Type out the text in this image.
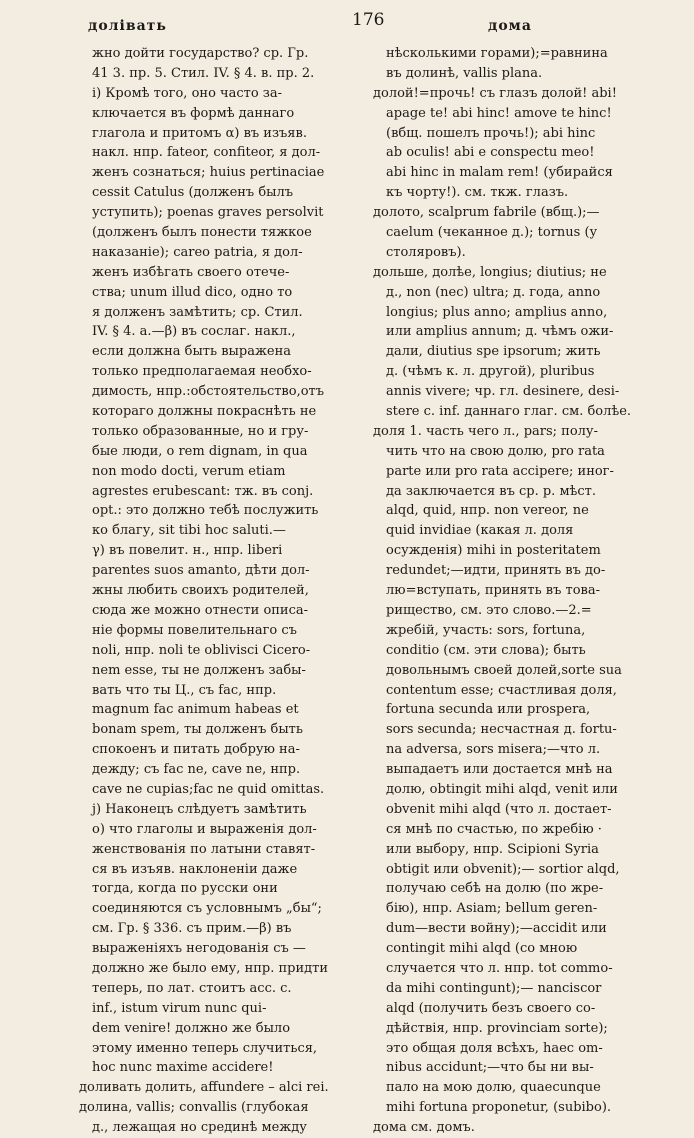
долівать	176	дома
жно дойти государство? ср. Гр.
41 3. пр. 5. Стил. IV. § 4. в. пр. 2.
i) Кромѣ того, оно часто за-
ключается въ формѣ даннаго
глагола и притомъ α) въ изъяв.
накл. нпр. fateor, confiteor, я дол-
женъ сознаться; huius pertinaciae
cessit Catulus (долженъ былъ
уступить); poenas graves persolvit
(долженъ былъ понести тяжкое
наказаніе); careo patria, я дол-
женъ избѣгать своего отече-
ства; unum illud dico, одно то
я долженъ замѣтить; ср. Стил.
IV. § 4. а.—β) въ сослаг. накл.,
если должна быть выражена
только предполагаемая необхо-
димость, нпр.:обстоятельство,отъ
котораго должны покраснѣть не
только образованные, но и гру-
бые люди, o rem dignam, in qua
non modo docti, verum etiam
agrestes erubescant: тж. въ conj.
opt.: это должно тебѣ послужить
ко благу, sit tibi hoc saluti.—
γ) въ повелит. н., нпр. liberi
parentes suos amanto, дѣти дол-
жны любить своихъ родителей,
сюда же можно отнести описа-
ніе формы повелительнаго съ
noli, нпр. noli te oblivisci Cicero-
nem esse, ты не долженъ забы-
вать что ты Ц., съ fac, нпр.
magnum fac animum habeas et
bonam spem, ты долженъ быть
спокоенъ и питать добрую на-
дежду; съ fac ne, cave ne, нпр.
cave ne cupias;fac ne quid omittas.
j) Наконецъ слѣдуетъ замѣтить
о) что глаголы и выраженія дол-
женствованія по латыни ставят-
ся въ изъяв. наклоненіи даже
тогда, когда по русски они
соединяются съ условнымъ „бы“;
см. Гр. § 336. съ прим.—β) въ
выраженіяхъ негодованія съ —
должно же было ему, нпр. придти
теперь, по лат. стоитъ acc. c.
inf., istum virum nunc qui-
dem venire! должно же было
этому именно теперь случиться,
hoc nunc maxime accidere!
доливать долить, affundere – alci rei.
долина, vallis; convallis (глубокая
д., лежащая но срединѣ между
нѣсколькими горами);=равнина
въ долинѣ, vallis plana.
долой!=прочь! съ глазъ долой! abi!
apage te! abi hinc! amove te hinc!
(вбщ. пошелъ прочь!); abi hinc
ab oculis! abi e conspectu meo!
abi hinc in malam rem! (убирайся
къ чорту!). см. ткж. глазъ.
долото, scalprum fabrile (вбщ.);—
caelum (чеканное д.); tornus (у
столяровъ).
дольше, долѣе, longius; diutius; не
д., non (nec) ultra; д. года, anno
longius; plus anno; amplius anno,
или amplius annum; д. чѣмъ ожи-
дали, diutius spe ipsorum; жить
д. (чѣмъ к. л. другой), pluribus
annis vivere; чр. гл. desinere, desi-
stere c. inf. даннаго глаг. см. болѣе.
доля 1. часть чего л., pars; полу-
чить что на свою долю, pro rata
parte или pro rata accipere; иног-
да заключается въ ср. р. мѣст.
alqd, quid, нпр. non vereor, ne
quid invidiae (какая л. доля
осужденія) mihi in posteritatem
redundet;—идти, принять въ до-
лю=вступать, принять въ това-
рищество, см. это слово.—2.=
жребій, участь: sors, fortuna,
conditio (см. эти слова); быть
довольнымъ своей долей,sorte sua
contentum esse; счастливая доля,
fortuna secunda или prospera,
sors secunda; несчастная д. fortu-
na adversa, sors misera;—что л.
выпадаетъ или достается мнѣ на
долю, obtingit mihi alqd, venit или
obvenit mihi alqd (что л. достает-
ся мнѣ по счастью, по жребію ·
или выбору, нпр. Scipioni Syria
obtigit или obvenit);— sortior alqd,
получаю себѣ на долю (по жре-
бію), нпр. Asiam; bellum geren-
dum—вести войну);—accidit или
contingit mihi alqd (со мною
случается что л. нпр. tot commo-
da mihi contingunt);— nanciscor
alqd (получить безъ своего со-
дѣйствія, нпр. provinciam sorte);
это общая доля всѣхъ, haec om-
nibus accidunt;—что бы ни вы-
пало на мою долю, quaecunque
mihi fortuna proponetur, (subibo).
дома см. домъ.
